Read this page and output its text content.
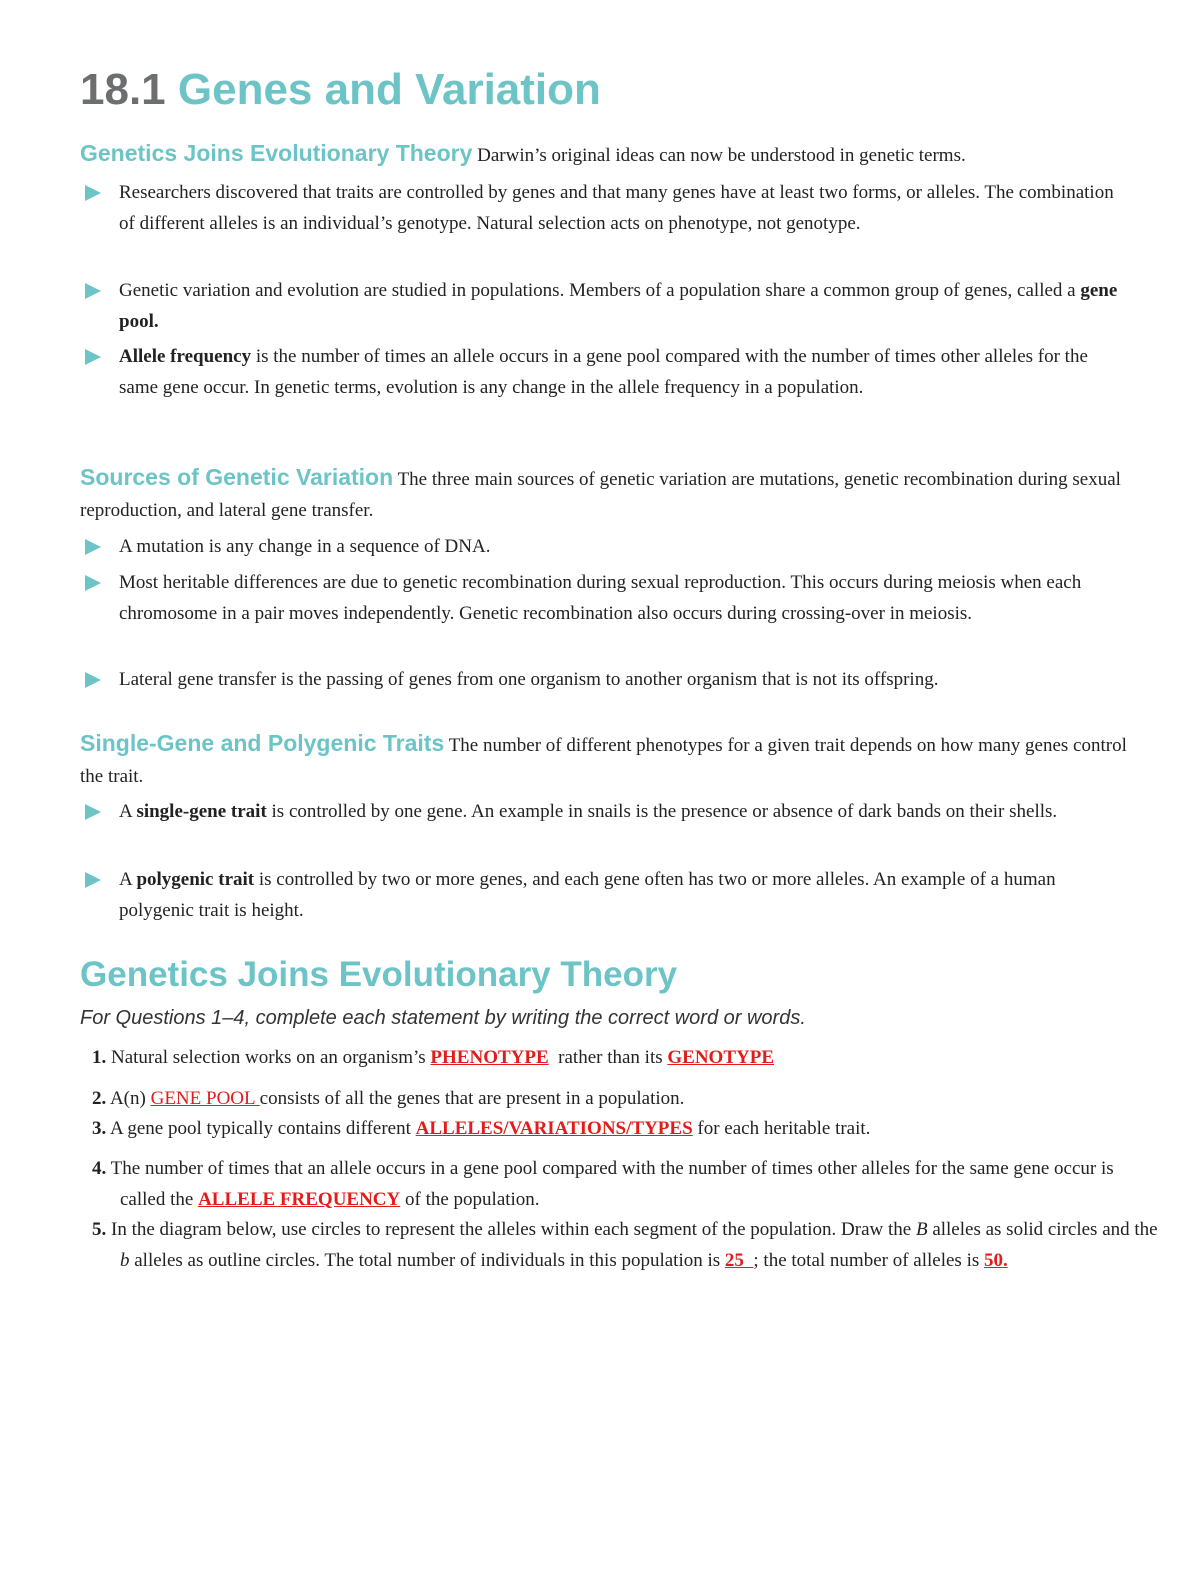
18.1 Genes and Variation
Genetics Joins Evolutionary Theory Darwin’s original ideas can now be understood in genetic terms.
Researchers discovered that traits are controlled by genes and that many genes have at least two forms, or alleles. The combination of different alleles is an individual’s genotype. Natural selection acts on phenotype, not genotype.
Genetic variation and evolution are studied in populations. Members of a population share a common group of genes, called a gene pool.
Allele frequency is the number of times an allele occurs in a gene pool compared with the number of times other alleles for the same gene occur. In genetic terms, evolution is any change in the allele frequency in a population.
Sources of Genetic Variation The three main sources of genetic variation are mutations, genetic recombination during sexual reproduction, and lateral gene transfer.
A mutation is any change in a sequence of DNA.
Most heritable differences are due to genetic recombination during sexual reproduction. This occurs during meiosis when each chromosome in a pair moves independently. Genetic recombination also occurs during crossing-over in meiosis.
Lateral gene transfer is the passing of genes from one organism to another organism that is not its offspring.
Single-Gene and Polygenic Traits The number of different phenotypes for a given trait depends on how many genes control the trait.
A single-gene trait is controlled by one gene. An example in snails is the presence or absence of dark bands on their shells.
A polygenic trait is controlled by two or more genes, and each gene often has two or more alleles. An example of a human polygenic trait is height.
Genetics Joins Evolutionary Theory
For Questions 1–4, complete each statement by writing the correct word or words.
1. Natural selection works on an organism’s PHENOTYPE  rather than its GENOTYPE
2. A(n) GENE POOL consists of all the genes that are present in a population.
3. A gene pool typically contains different ALLELES/VARIATIONS/TYPES for each heritable trait.
4. The number of times that an allele occurs in a gene pool compared with the number of times other alleles for the same gene occur is called the ALLELE FREQUENCY of the population.
5. In the diagram below, use circles to represent the alleles within each segment of the population. Draw the B alleles as solid circles and the b alleles as outline circles. The total number of individuals in this population is 25  ; the total number of alleles is 50.
